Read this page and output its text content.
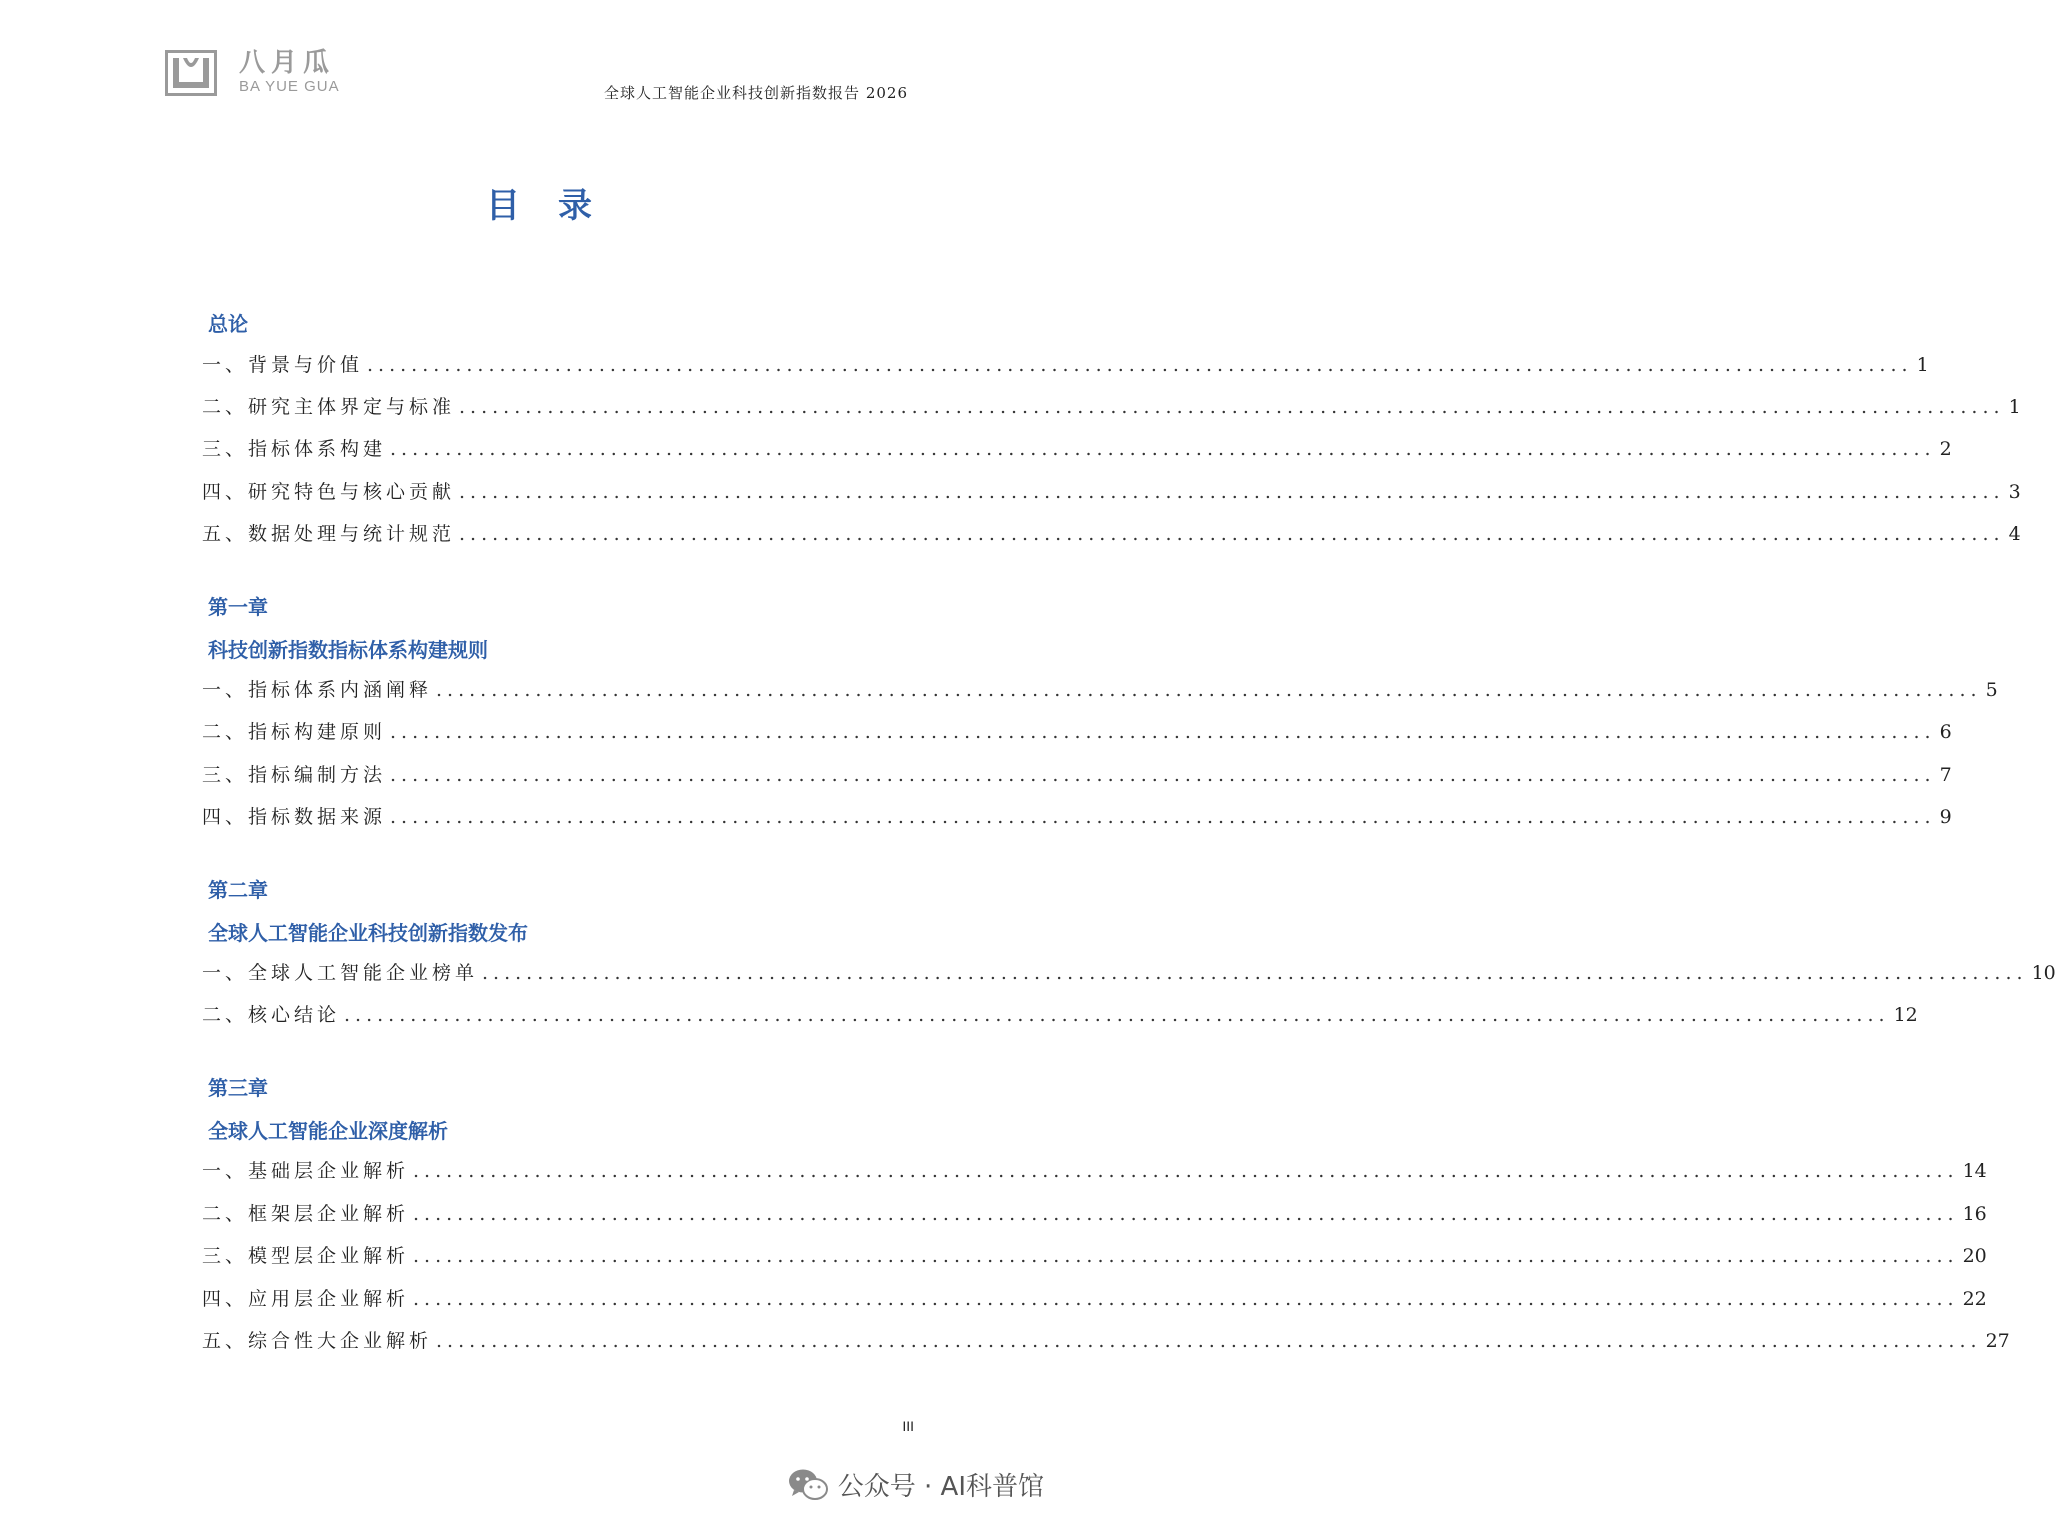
八月瓜
BA YUE GUA	全球人工智能企业科技创新指数报告 2026
目　录
总论
一、背景与价值 ............................................................................................................................................ 1
二、研究主体界定与标准 ............................................................................................................................................ 1
三、指标体系构建 ............................................................................................................................................ 2
四、研究特色与核心贡献 ............................................................................................................................................ 3
五、数据处理与统计规范 ............................................................................................................................................ 4
第一章
科技创新指数指标体系构建规则
一、指标体系内涵阐释 ............................................................................................................................................ 5
二、指标构建原则 ............................................................................................................................................ 6
三、指标编制方法 ............................................................................................................................................ 7
四、指标数据来源 ............................................................................................................................................ 9
第二章
全球人工智能企业科技创新指数发布
一、全球人工智能企业榜单 ............................................................................................................................................ 10
二、核心结论 ............................................................................................................................................ 12
第三章
全球人工智能企业深度解析
一、基础层企业解析 ............................................................................................................................................ 14
二、框架层企业解析 ............................................................................................................................................ 16
三、模型层企业解析 ............................................................................................................................................ 20
四、应用层企业解析 ............................................................................................................................................ 22
五、综合性大企业解析 ............................................................................................................................................ 27
III
公众号 · AI科普馆
